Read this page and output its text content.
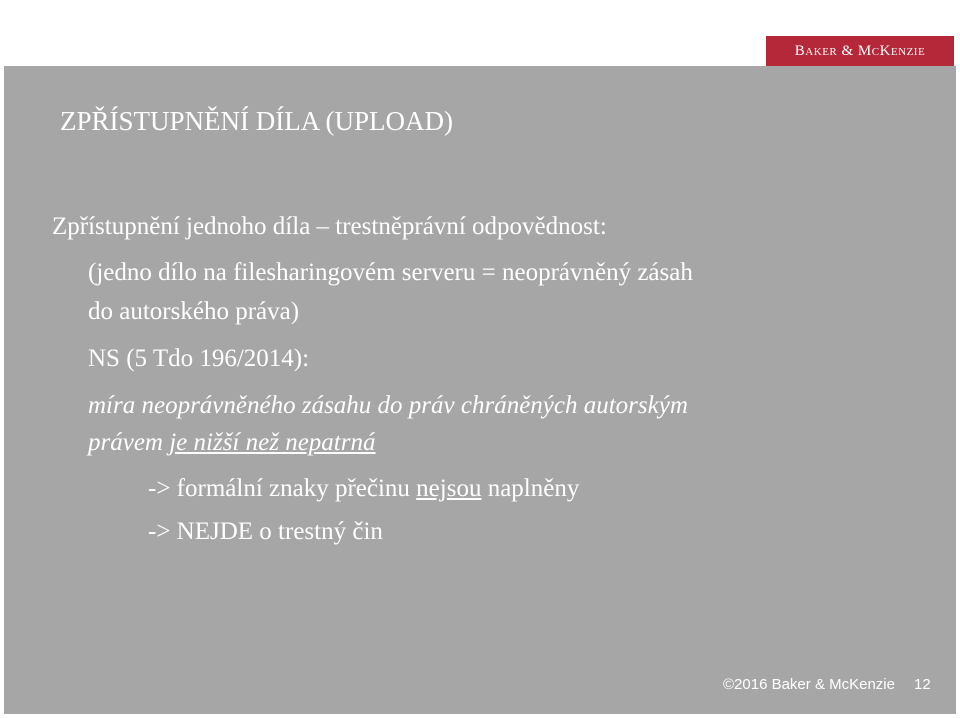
Baker & McKenzie
ZPŘÍSTUPNĚNÍ DÍLA (UPLOAD)
Zpřístupnění jednoho díla – trestněprávní odpovědnost:
(jedno dílo na filesharingovém serveru = neoprávněný zásah
do autorského práva)
NS (5 Tdo 196/2014):
míra neoprávněného zásahu do práv chráněných autorským
právem je nižší než nepatrná
-> formální znaky přečinu nejsou naplněny
-> NEJDE o trestný čin
©2016 Baker & McKenzie 12
